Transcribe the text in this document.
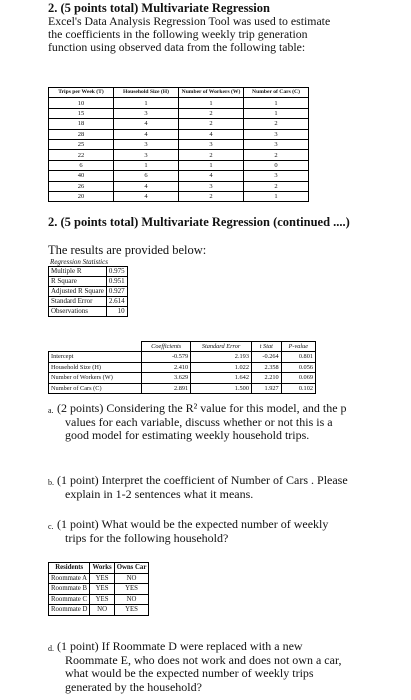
2. (5 points total) Multivariate Regression
Excel's Data Analysis Regression Tool was used to estimate
the coefficients in the following weekly trip generation
function using observed data from the following table:
Trips per Week (T)	Household Size (H)	Number of Workers (W)	Number of Cars (C)
10	1	1	1
15	3	2	1
18	4	2	2
28	4	4	3
25	3	3	3
22	3	2	2
6	1	1	0
40	6	4	3
26	4	3	2
20	4	2	1
2. (5 points total) Multivariate Regression (continued ....)
The results are provided below:
Regression Statistics
Multiple R	0.975
R Square	0.951
Adjusted R Square	0.927
Standard Error	2.614
Observations	10
	Coefficients	Standard Error	t Stat	P-value
Intercept	-0.579	2.193	-0.264	0.801
Household Size (H)	2.410	1.022	2.358	0.056
Number of Workers (W)	3.629	1.642	2.210	0.069
Number of Cars (C)	2.891	1.500	1.927	0.102
a. (2 points) Considering the R² value for this model, and the p
values for each variable, discuss whether or not this is a
good model for estimating weekly household trips.
b. (1 point) Interpret the coefficient of Number of Cars . Please
explain in 1-2 sentences what it means.
c. (1 point) What would be the expected number of weekly
trips for the following household?
Residents	Works	Owns Car
Roommate A	YES	NO
Roommate B	YES	YES
Roommate C	YES	NO
Roommate D	NO	YES
d. (1 point) If Roommate D were replaced with a new
Roommate E, who does not work and does not own a car,
what would be the expected number of weekly trips
generated by the household?
